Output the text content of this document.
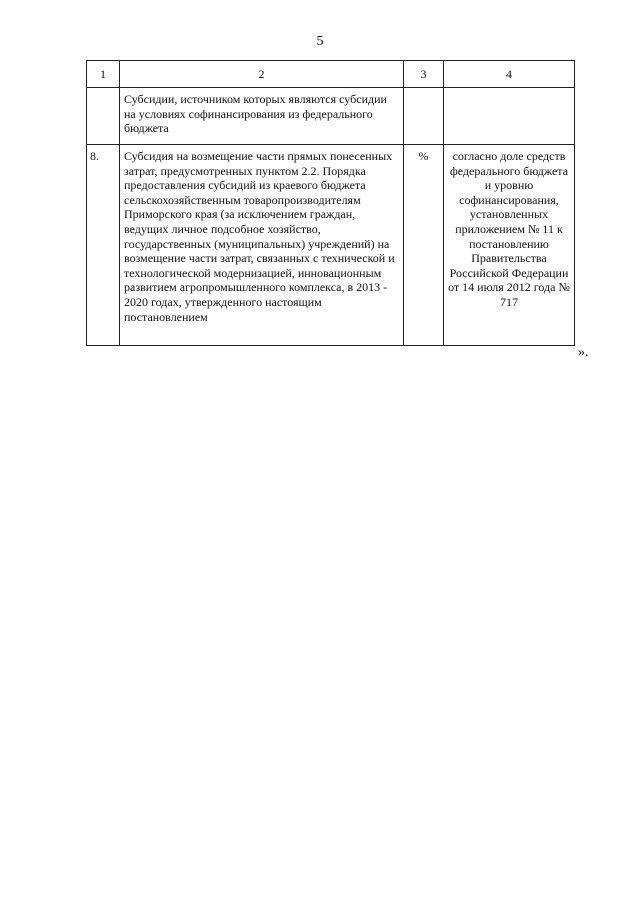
5
1	2	3	4

	Субсидии, источником которых являются субсидии на условиях софинансирования из федерального бюджета		

8.	Субсидия на возмещение части прямых понесенных затрат, предусмотренных пунктом 2.2. Порядка предоставления субсидий из краевого бюджета сельскохозяйственным товаропроизводителям Приморского края (за исключением граждан, ведущих личное подсобное хозяйство, государственных (муниципальных) учреждений) на возмещение части затрат, связанных с технической и технологической модернизацией, инновационным развитием агропромышленного комплекса, в 2013 - 2020 годах, утвержденного настоящим постановлением	%	согласно доле средств федерального бюджета и уровню софинансирования, установленных приложением № 11 к постановлению Правительства Российской Федерации от 14 июля 2012 года № 717
».
